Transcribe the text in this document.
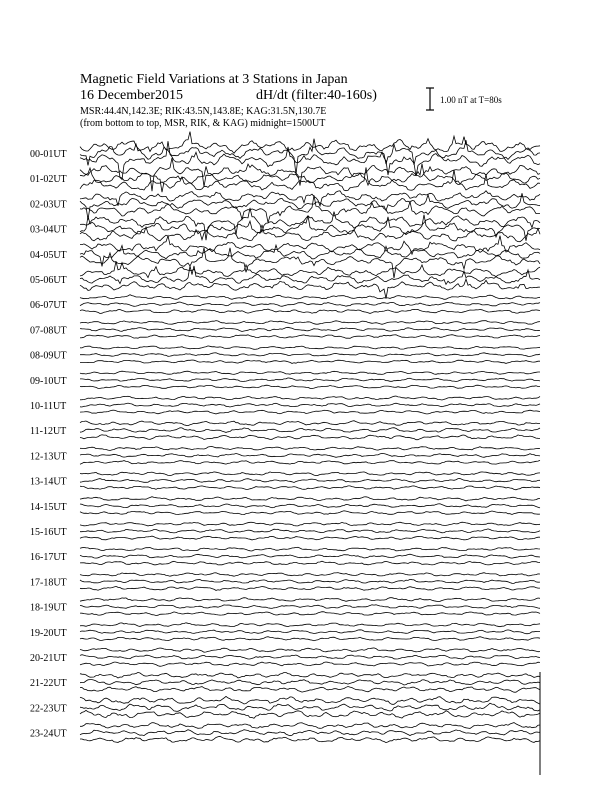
Magnetic Field Variations at 3 Stations in Japan
16 December2015	dH/dt (filter:40-160s)
MSR:44.4N,142.3E; RIK:43.5N,143.8E; KAG:31.5N,130.7E
(from bottom to top, MSR, RIK, & KAG) midnight=1500UT
1.00 nT at T=80s
00-01UT
01-02UT
02-03UT
03-04UT
04-05UT
05-06UT
06-07UT
07-08UT
08-09UT
09-10UT
10-11UT
11-12UT
12-13UT
13-14UT
14-15UT
15-16UT
16-17UT
17-18UT
18-19UT
19-20UT
20-21UT
21-22UT
22-23UT
23-24UT
